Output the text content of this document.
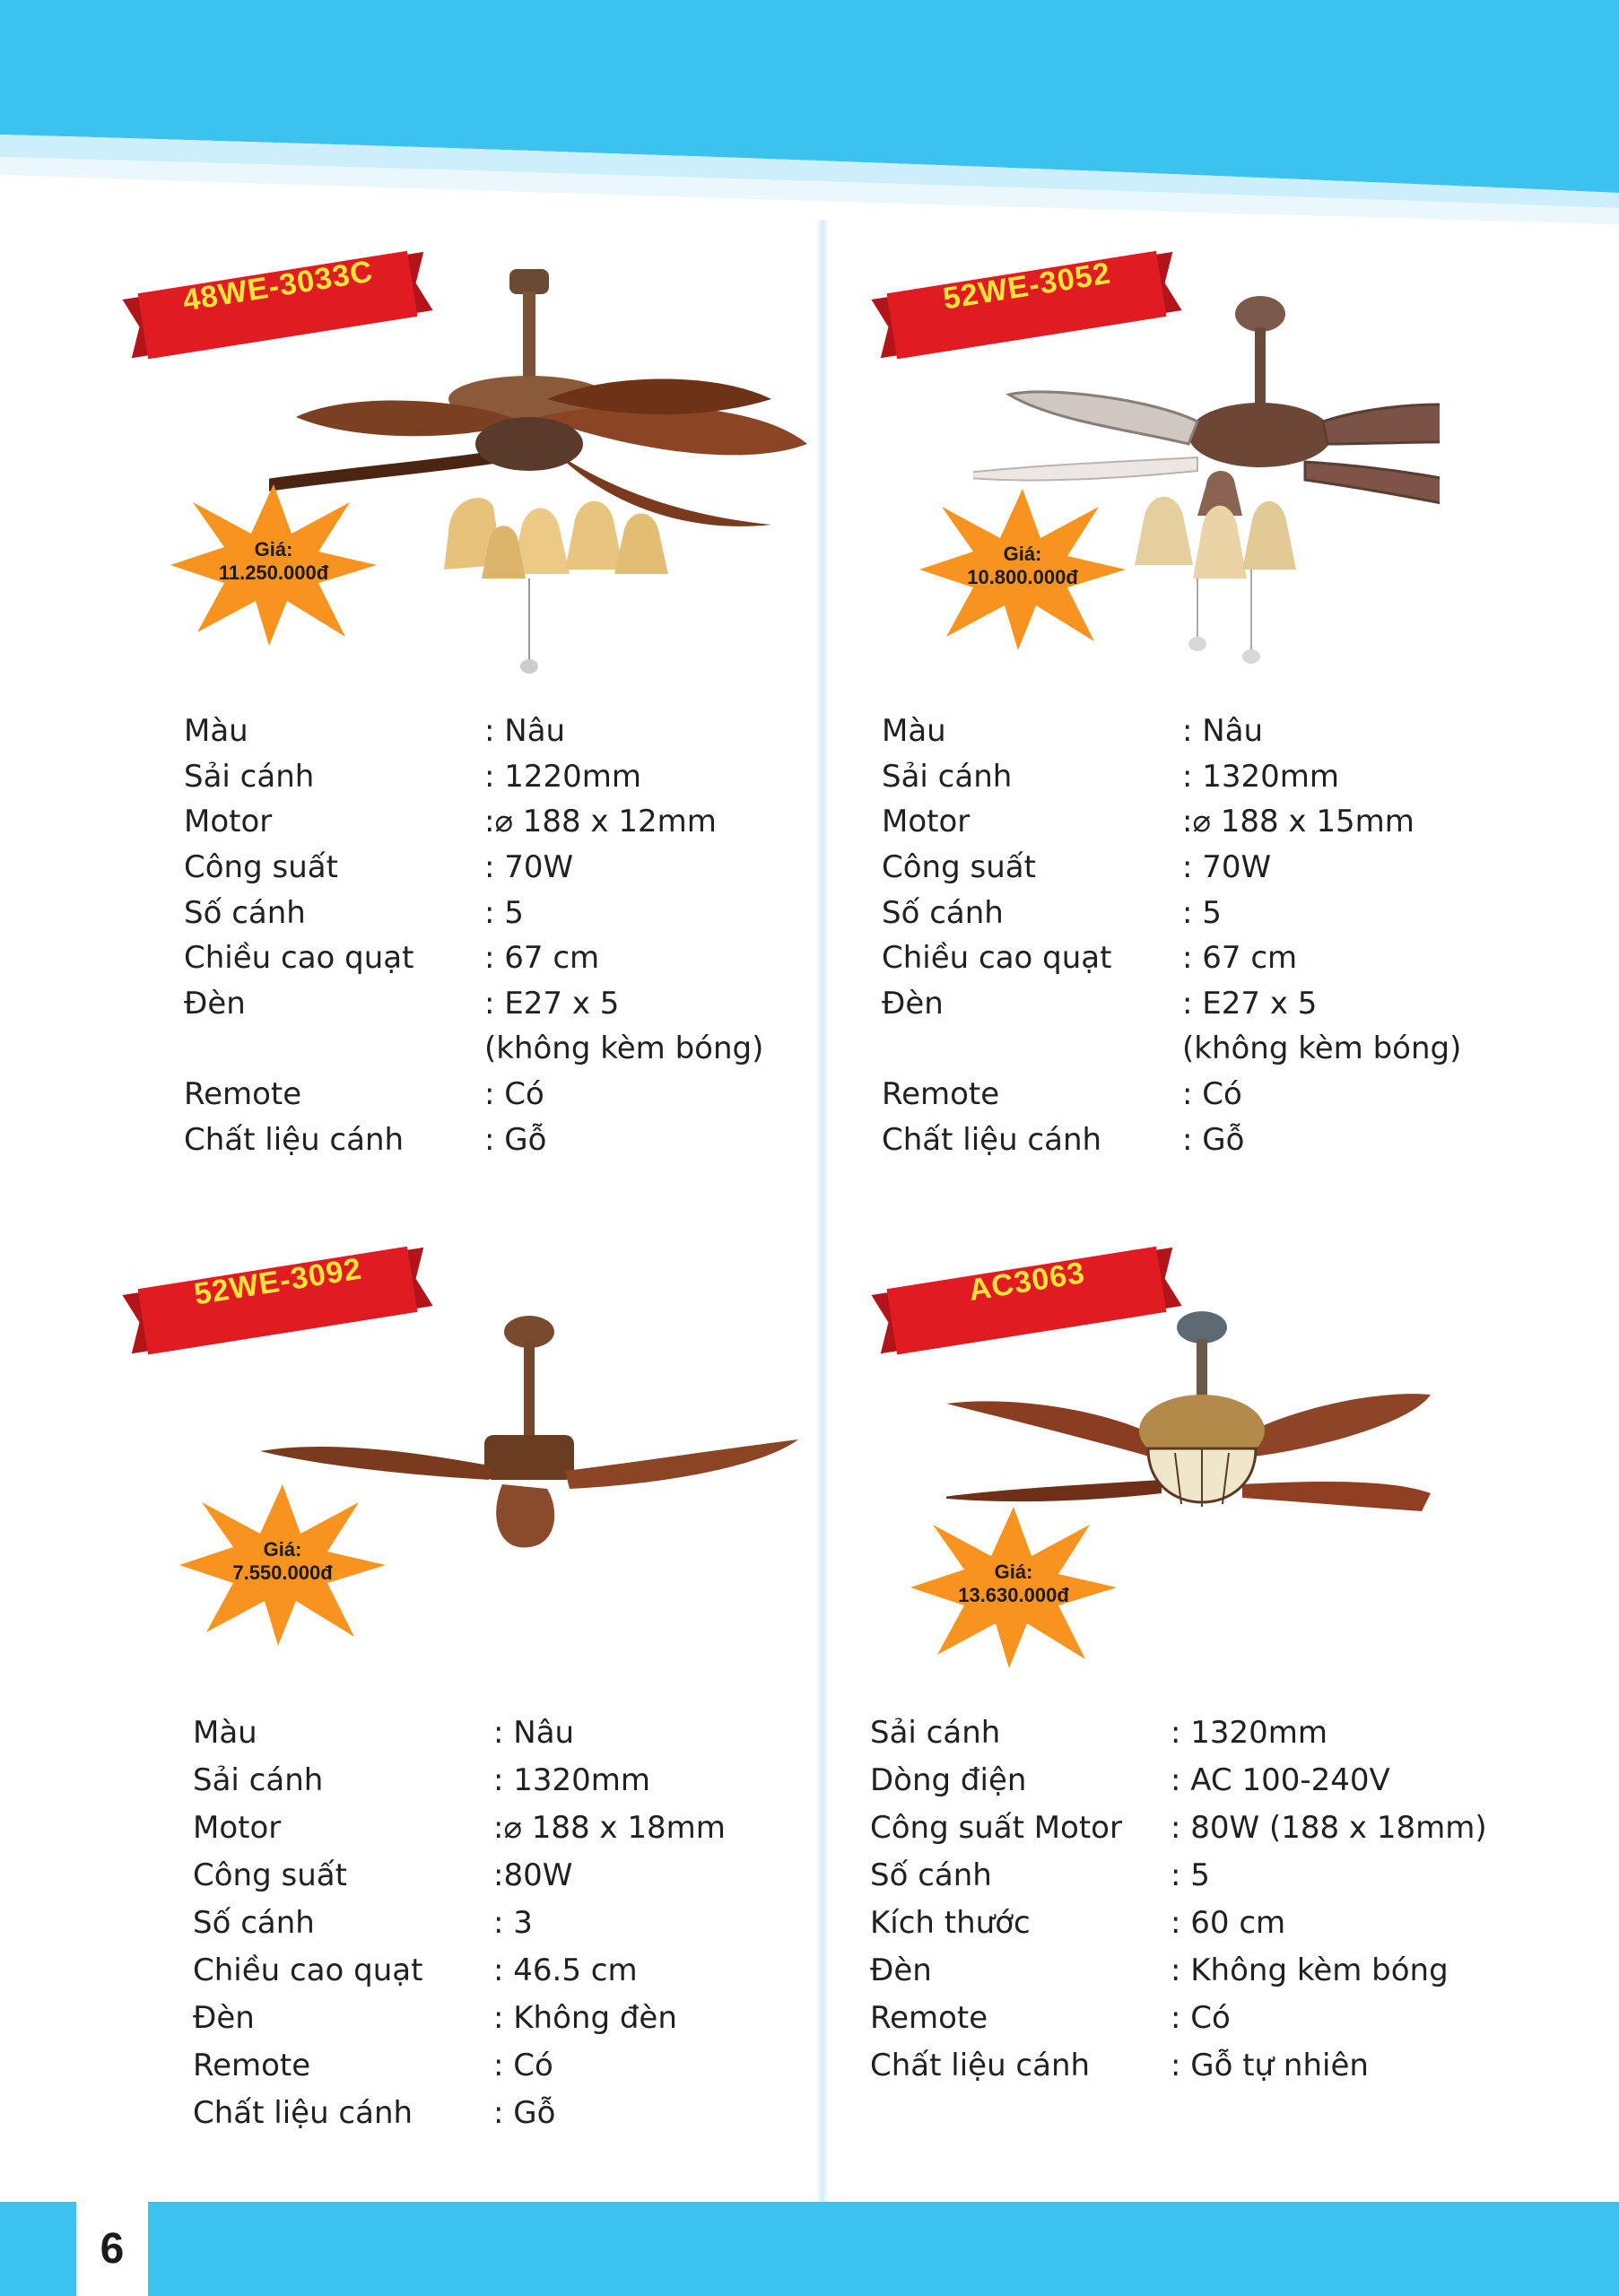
48WE-3033C
Giá:
11.250.000đ
Màu	: Nâu
Sải cánh	: 1220mm
Motor	:⌀ 188 x 12mm
Công suất	: 70W
Số cánh	: 5
Chiều cao quạt	: 67 cm
Đèn	: E27 x 5
(không kèm bóng)
Remote	: Có
Chất liệu cánh	: Gỗ
52WE-3052
Giá:
10.800.000đ
Màu	: Nâu
Sải cánh	: 1320mm
Motor	:⌀ 188 x 15mm
Công suất	: 70W
Số cánh	: 5
Chiều cao quạt	: 67 cm
Đèn	: E27 x 5
(không kèm bóng)
Remote	: Có
Chất liệu cánh	: Gỗ
52WE-3092
Giá:
7.550.000đ
Màu	: Nâu
Sải cánh	: 1320mm
Motor	:⌀ 188 x 18mm
Công suất	:80W
Số cánh	: 3
Chiều cao quạt	: 46.5 cm
Đèn	: Không đèn
Remote	: Có
Chất liệu cánh	: Gỗ
AC3063
Giá:
13.630.000đ
Sải cánh	: 1320mm
Dòng điện	: AC 100-240V
Công suất Motor	: 80W (188 x 18mm)
Số cánh	: 5
Kích thước	: 60 cm
Đèn	: Không kèm bóng
Remote	: Có
Chất liệu cánh	: Gỗ tự nhiên
6
